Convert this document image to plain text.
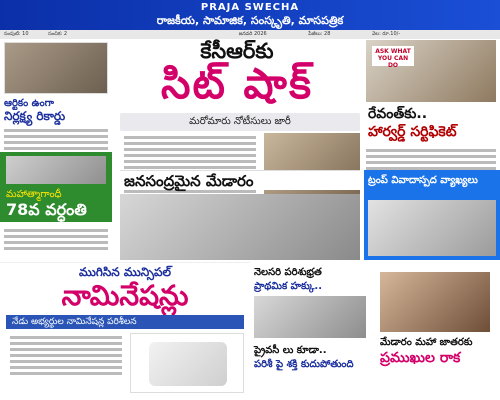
PRAJA SWECHA
రాజకీయ, సామాజిక, సంస్కృతి, మాసపత్రిక
సంపుటి: 10	సంచిక: 2	జనవరి 2026	పేజీలు: 28	వెల: రూ.10/-
ఆర్టికం ఉంగా
నిర్లక్ష్య రికార్డు
మహాత్మాగాంధీ
78వ వర్ధంతి
కేసీఆర్‌కు
సిట్ షాక్
మరోమారు నోటీసులు జారీ
ASK WHAT YOU CAN DO
రేవంత్‌కు..
హార్వర్డ్ సర్టిఫికెట్
జనసంద్రమైన మేడారం	ట్రంప్ వివాదాస్పద వ్యాఖ్యలు
ముగిసిన మున్సిపల్
నామినేషన్లు
నేడు అభ్యర్థుల నామినేషన్ల పరిశీలన
నెలసరి పరిశుభ్రత
ప్రాథమిక హక్కు..
ప్రైవసీ లు కూడా..
పరిశీ పై శక్తి కుదుపోతుంది
మేడారం మహా జాతరకు
ప్రముఖుల రాక
